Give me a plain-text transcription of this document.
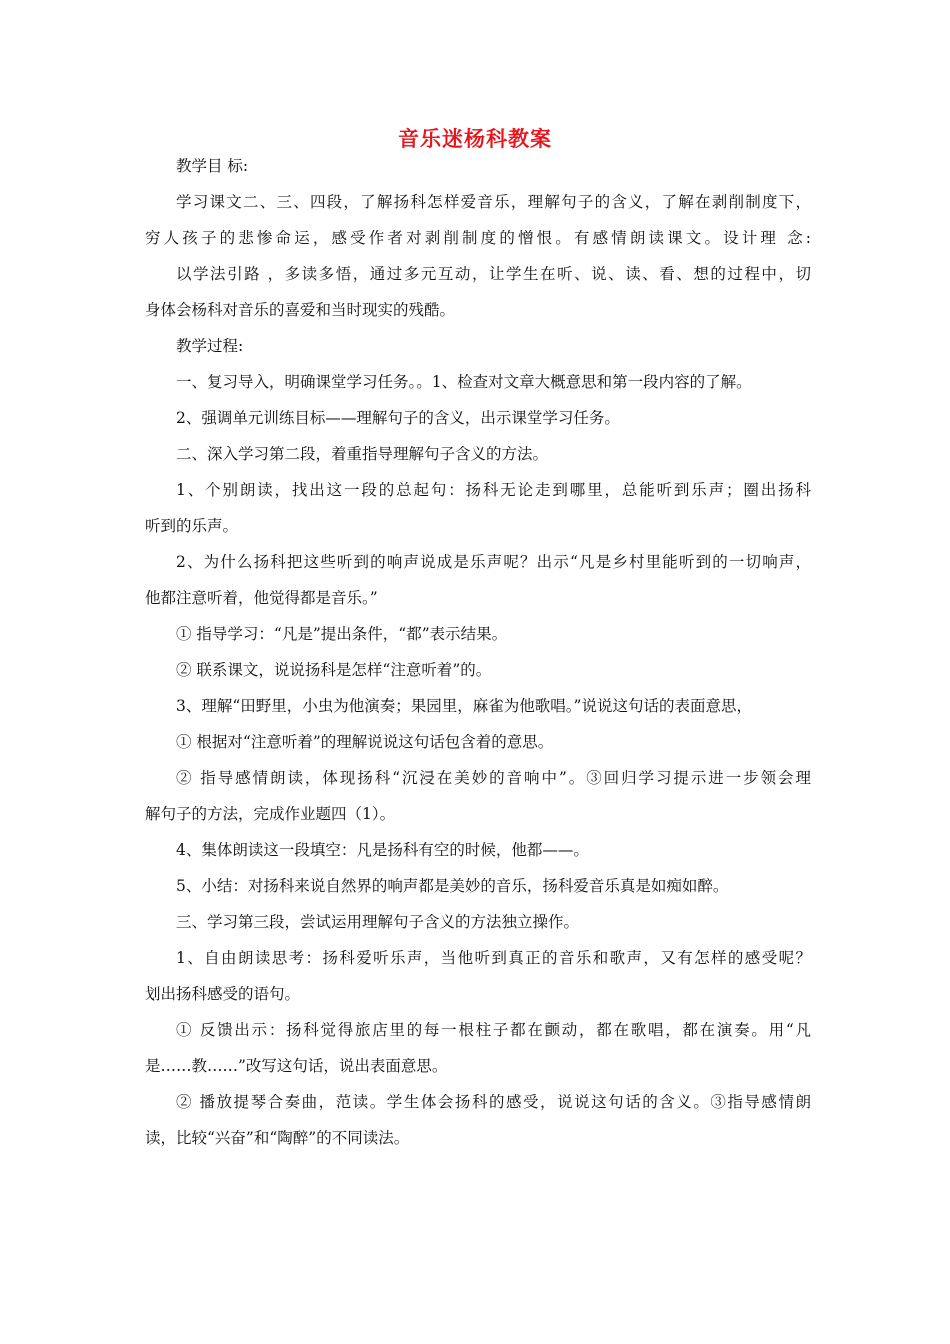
音乐迷杨科教案

教学目 标:

学习课文二、三、四段，了解扬科怎样爱音乐，理解句子的含义，了解在剥削制度下，

穷人孩子的悲惨命运，感受作者对剥削制度的憎恨。有感情朗读课文。设计理 念:

以学法引路 ，多读多悟，通过多元互动，让学生在听、说、读、看、想的过程中，切

身体会杨科对音乐的喜爱和当时现实的残酷。

教学过程:

一、复习导入，明确课堂学习任务。。1、检查对文章大概意思和第一段内容的了解。

2、强调单元训练目标——理解句子的含义，出示课堂学习任务。

二、深入学习第二段，着重指导理解句子含义的方法。

1、个别朗读，找出这一段的总起句：扬科无论走到哪里，总能听到乐声；圈出扬科

听到的乐声。

2、为什么扬科把这些听到的响声说成是乐声呢？出示“凡是乡村里能听到的一切响声，

他都注意听着，他觉得都是音乐。”

① 指导学习：“凡是”提出条件，“都”表示结果。

② 联系课文，说说扬科是怎样“注意听着”的。

3、理解“田野里，小虫为他演奏；果园里，麻雀为他歌唱。”说说这句话的表面意思，

① 根据对“注意听着”的理解说说这句话包含着的意思。

② 指导感情朗读，体现扬科“沉浸在美妙的音响中”。③回归学习提示进一步领会理

解句子的方法，完成作业题四（1）。

4、集体朗读这一段填空：凡是扬科有空的时候，他都——。

5、小结：对扬科来说自然界的响声都是美妙的音乐，扬科爱音乐真是如痴如醉。

三、学习第三段，尝试运用理解句子含义的方法独立操作。

1、自由朗读思考：扬科爱听乐声，当他听到真正的音乐和歌声，又有怎样的感受呢？

划出扬科感受的语句。

① 反馈出示：扬科觉得旅店里的每一根柱子都在颤动，都在歌唱，都在演奏。用“凡

是……教……”改写这句话，说出表面意思。

② 播放提琴合奏曲，范读。学生体会扬科的感受，说说这句话的含义。③指导感情朗

读，比较“兴奋”和“陶醉”的不同读法。
